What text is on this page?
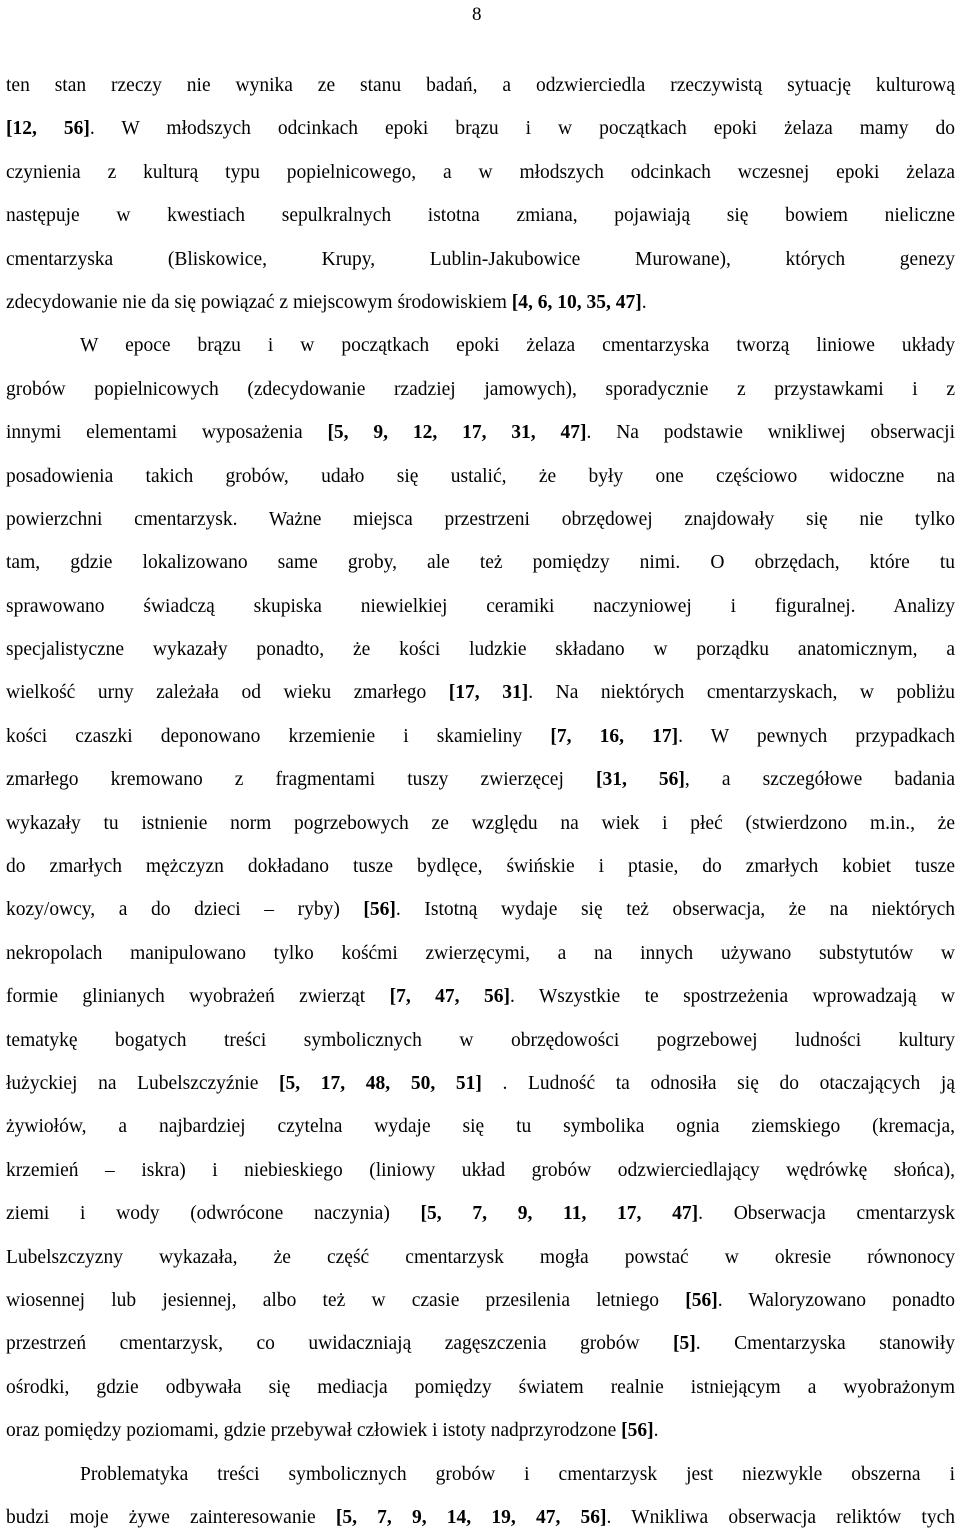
8
ten stan rzeczy nie wynika ze stanu badań, a odzwierciedla rzeczywistą sytuację kulturową
[12, 56]. W młodszych odcinkach epoki brązu i w początkach epoki żelaza mamy do
czynienia z kulturą typu popielnicowego, a w młodszych odcinkach wczesnej epoki żelaza
następuje w kwestiach sepulkralnych istotna zmiana, pojawiają się bowiem nieliczne
cmentarzyska (Bliskowice, Krupy, Lublin-Jakubowice Murowane), których genezy
zdecydowanie nie da się powiązać z miejscowym środowiskiem [4, 6, 10, 35, 47].
W epoce brązu i w początkach epoki żelaza cmentarzyska tworzą liniowe układy
grobów popielnicowych (zdecydowanie rzadziej jamowych), sporadycznie z przystawkami i z
innymi elementami wyposażenia [5, 9, 12, 17, 31, 47]. Na podstawie wnikliwej obserwacji
posadowienia takich grobów, udało się ustalić, że były one częściowo widoczne na
powierzchni cmentarzysk. Ważne miejsca przestrzeni obrzędowej znajdowały się nie tylko
tam, gdzie lokalizowano same groby, ale też pomiędzy nimi. O obrzędach, które tu
sprawowano świadczą skupiska niewielkiej ceramiki naczyniowej i figuralnej. Analizy
specjalistyczne wykazały ponadto, że kości ludzkie składano w porządku anatomicznym, a
wielkość urny zależała od wieku zmarłego [17, 31]. Na niektórych cmentarzyskach, w pobliżu
kości czaszki deponowano krzemienie i skamieliny [7, 16, 17]. W pewnych przypadkach
zmarłego kremowano z fragmentami tuszy zwierzęcej [31, 56], a szczegółowe badania
wykazały tu istnienie norm pogrzebowych ze względu na wiek i płeć (stwierdzono m.in., że
do zmarłych mężczyzn dokładano tusze bydlęce, świńskie i ptasie, do zmarłych kobiet tusze
kozy/owcy, a do dzieci – ryby) [56]. Istotną wydaje się też obserwacja, że na niektórych
nekropolach manipulowano tylko kośćmi zwierzęcymi, a na innych używano substytutów w
formie glinianych wyobrażeń zwierząt [7, 47, 56]. Wszystkie te spostrzeżenia wprowadzają w
tematykę bogatych treści symbolicznych w obrzędowości pogrzebowej ludności kultury
łużyckiej na Lubelszczyźnie [5, 17, 48, 50, 51] . Ludność ta odnosiła się do otaczających ją
żywiołów, a najbardziej czytelna wydaje się tu symbolika ognia ziemskiego (kremacja,
krzemień – iskra) i niebieskiego (liniowy układ grobów odzwierciedlający wędrówkę słońca),
ziemi i wody (odwrócone naczynia) [5, 7, 9, 11, 17, 47]. Obserwacja cmentarzysk
Lubelszczyzny wykazała, że część cmentarzysk mogła powstać w okresie równonocy
wiosennej lub jesiennej, albo też w czasie przesilenia letniego [56]. Waloryzowano ponadto
przestrzeń cmentarzysk, co uwidaczniają zagęszczenia grobów [5]. Cmentarzyska stanowiły
ośrodki, gdzie odbywała się mediacja pomiędzy światem realnie istniejącym a wyobrażonym
oraz pomiędzy poziomami, gdzie przebywał człowiek i istoty nadprzyrodzone [56].
Problematyka treści symbolicznych grobów i cmentarzysk jest niezwykle obszerna i
budzi moje żywe zainteresowanie [5, 7, 9, 14, 19, 47, 56]. Wnikliwa obserwacja reliktów tych
